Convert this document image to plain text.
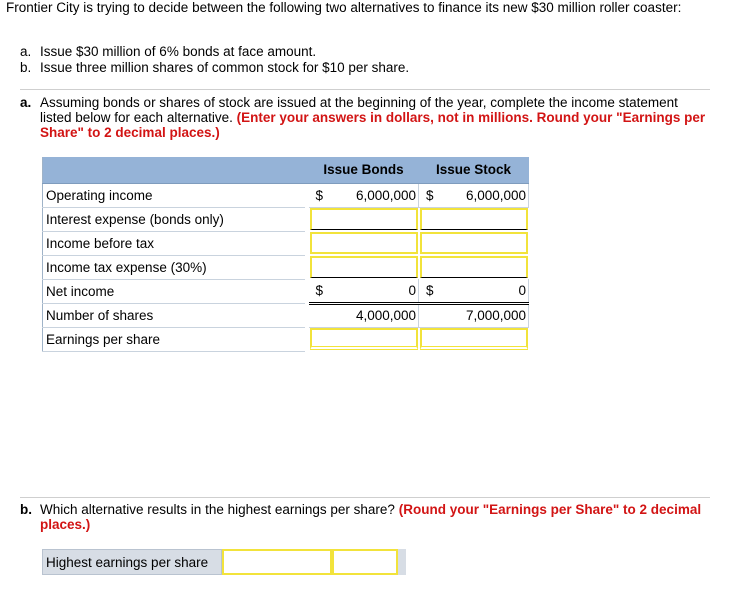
Frontier City is trying to decide between the following two alternatives to finance its new $30 million roller coaster:
a. Issue $30 million of 6% bonds at face amount.
b. Issue three million shares of common stock for $10 per share.
a. Assuming bonds or shares of stock are issued at the beginning of the year, complete the income statement listed below for each alternative. (Enter your answers in dollars, not in millions. Round your "Earnings per Share" to 2 decimal places.)
		Issue Bonds	Issue Stock
Operating income		$ 6,000,000	$ 6,000,000

Interest expense (bonds only)		

Income before tax		

Income tax expense (30%)		

Net income		$ 0	$ 0

Number of shares		4,000,000	7,000,000

Earnings per share		

b. Which alternative results in the highest earnings per share? (Round your "Earnings per Share" to 2 decimal places.)
Highest earnings per share
